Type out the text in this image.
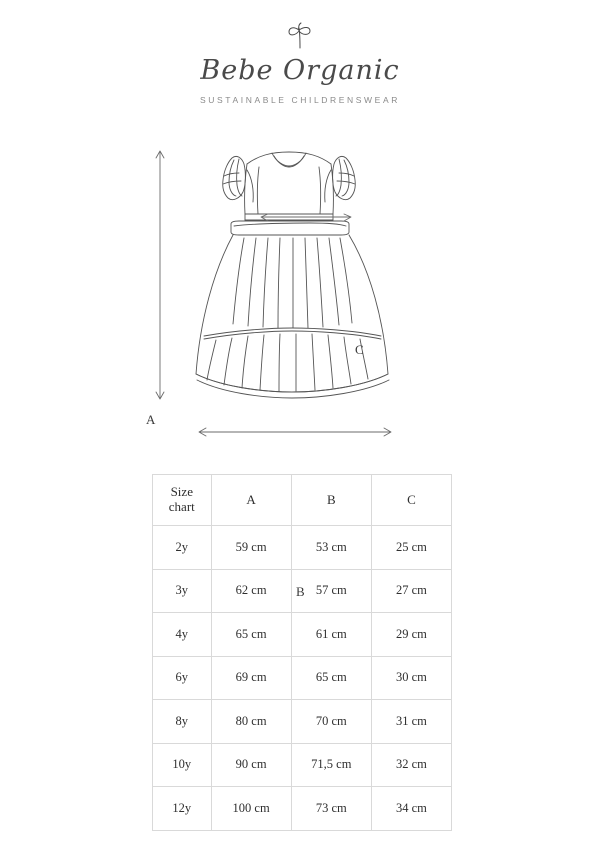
Bebe Organic
SUSTAINABLE CHILDRENSWEAR
A
B
C
Size
chart	A	B	C
2y	59 cm	53 cm	25 cm
3y	62 cm	57 cm	27 cm
4y	65 cm	61 cm	29 cm
6y	69 cm	65 cm	30 cm
8y	80 cm	70 cm	31 cm
10y	90 cm	71,5 cm	32 cm
12y	100 cm	73 cm	34 cm
